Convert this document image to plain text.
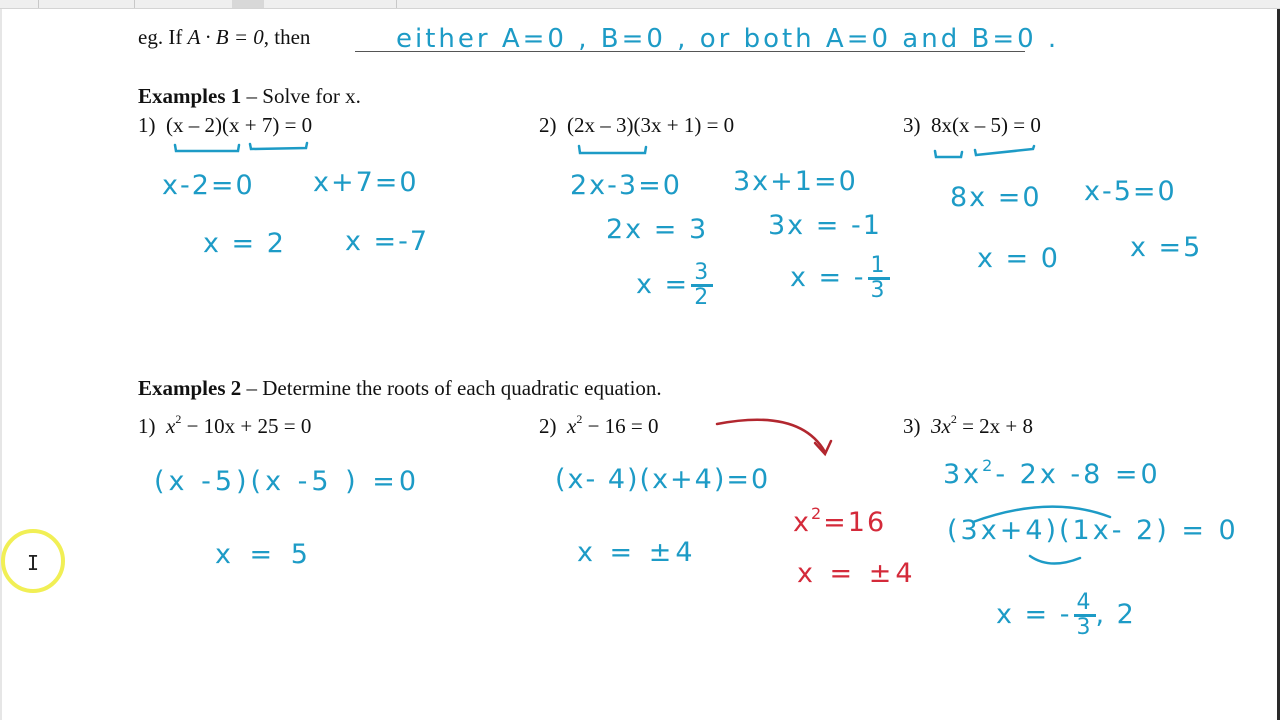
eg. If A · B = 0, then	either A=0 , B=0 , or both A=0 and B=0 .
Examples 1 – Solve for x.
1) (x – 2)(x + 7) = 0	2) (2x – 3)(3x + 1) = 0	3) 8x(x – 5) = 0
x-2=0 x+7=0
x = 2 x =-7
2x-3=0 3x+1=0
2x = 3 3x = -1
$x = \frac{3}{2}$	x = - $\frac{1}{3}$
8x =0 x-5=0
x = 0	x =5
Examples 2 – Determine the roots of each quadratic equation.
1) $x^2 - 10x + 25 = 0$	2) $x^2 - 16 = 0$	3) $3x^2 = 2x + 8$
(x -5)(x -5 ) =0
x = 5
(x- 4)(x+4)=0
x = ±4
$x^2=16$
x = ±4
$3x^2-$ 2x -8 =0
(3x+4)(1x- 2) = 0
x = - $\frac{4}{3}$ , 2
I
